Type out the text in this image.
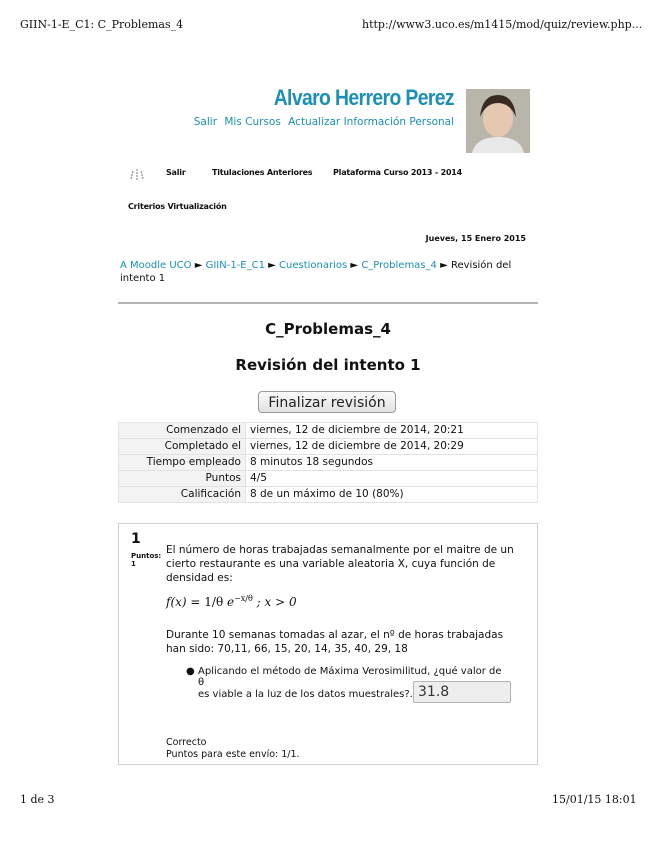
GIIN-1-E_C1: C_Problemas_4	http://www3.uco.es/m1415/mod/quiz/review.php...
1 de 3	15/01/15 18:01
Alvaro Herrero Perez
Salir Mis Cursos Actualizar Información Personal
Salir	Titulaciones Anteriores	Plataforma Curso 2013 - 2014
Criterios Virtualización
Jueves, 15 Enero 2015
A Moodle UCO ► GIIN-1-E_C1 ► Cuestionarios ► C_Problemas_4 ► Revisión del intento 1
C_Problemas_4
Revisión del intento 1
Finalizar revisión
Comenzado el	viernes, 12 de diciembre de 2014, 20:21
Completado el	viernes, 12 de diciembre de 2014, 20:29
Tiempo empleado	8 minutos 18 segundos
Puntos	4/5
Calificación	8 de un máximo de 10 (80%)
1
Puntos: 1
El número de horas trabajadas semanalmente por el maitre de un cierto restaurante es una variable aleatoria X, cuya función de densidad es:
f(x) = 1/θ $e^{-x/\theta}$ ; x > 0
Durante 10 semanas tomadas al azar, el nº de horas trabajadas han sido: 70,11, 66, 15, 20, 14, 35, 40, 29, 18
● Aplicando el método de Máxima Verosimilitud, ¿qué valor de θ
es viable a la luz de los datos muestrales?. 31.8
Correcto
Puntos para este envío: 1/1.
